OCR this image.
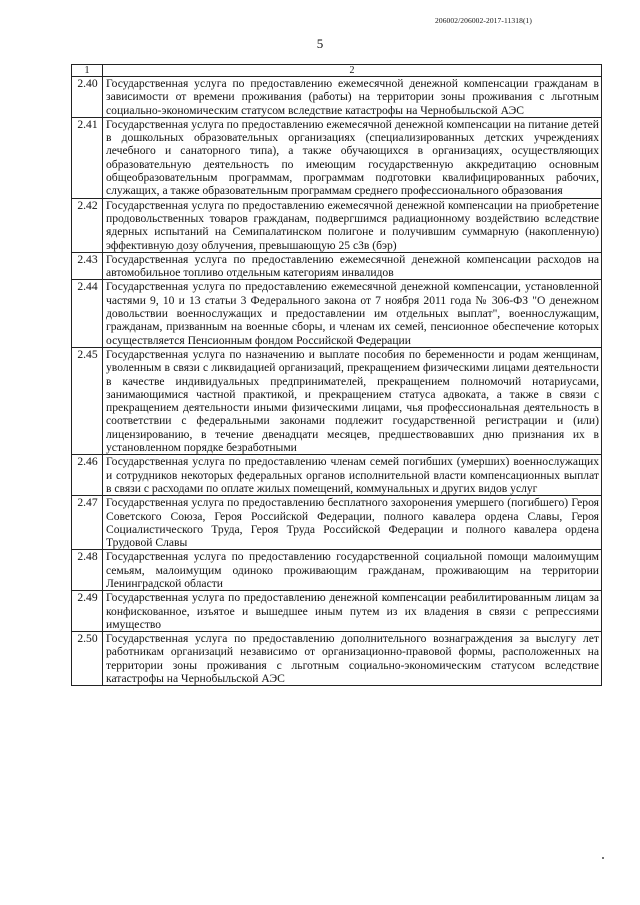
206002/206002-2017-11318(1)
5
1	2
2.40	Государственная услуга по предоставлению ежемесячной денежной компенсации гражданам в зависимости от времени проживания (работы) на территории зоны проживания с льготным социально-экономическим статусом вследствие катастрофы на Чернобыльской АЭС
2.41	Государственная услуга по предоставлению ежемесячной денежной компенсации на питание детей в дошкольных образовательных организациях (специализированных детских учреждениях лечебного и санаторного типа), а также обучающихся в организациях, осуществляющих образовательную деятельность по имеющим государственную аккредитацию основным общеобразовательным программам, программам подготовки квалифицированных рабочих, служащих, а также образовательным программам среднего профессионального образования
2.42	Государственная услуга по предоставлению ежемесячной денежной компенсации на приобретение продовольственных товаров гражданам, подвергшимся радиационному воздействию вследствие ядерных испытаний на Семипалатинском полигоне и получившим суммарную (накопленную) эффективную дозу облучения, превышающую 25 сЗв (бэр)
2.43	Государственная услуга по предоставлению ежемесячной денежной компенсации расходов на автомобильное топливо отдельным категориям инвалидов
2.44	Государственная услуга по предоставлению ежемесячной денежной компенсации, установленной частями 9, 10 и 13 статьи 3 Федерального закона от 7 ноября 2011 года № 306-ФЗ "О денежном довольствии военнослужащих и предоставлении им отдельных выплат", военнослужащим, гражданам, призванным на военные сборы, и членам их семей, пенсионное обеспечение которых осуществляется Пенсионным фондом Российской Федерации
2.45	Государственная услуга по назначению и выплате пособия по беременности и родам женщинам, уволенным в связи с ликвидацией организаций, прекращением физическими лицами деятельности в качестве индивидуальных предпринимателей, прекращением полномочий нотариусами, занимающимися частной практикой, и прекращением статуса адвоката, а также в связи с прекращением деятельности иными физическими лицами, чья профессиональная деятельность в соответствии с федеральными законами подлежит государственной регистрации и (или) лицензированию, в течение двенадцати месяцев, предшествовавших дню признания их в установленном порядке безработными
2.46	Государственная услуга по предоставлению членам семей погибших (умерших) военнослужащих и сотрудников некоторых федеральных органов исполнительной власти компенсационных выплат в связи с расходами по оплате жилых помещений, коммунальных и других видов услуг
2.47	Государственная услуга по предоставлению бесплатного захоронения умершего (погибшего) Героя Советского Союза, Героя Российской Федерации, полного кавалера ордена Славы, Героя Социалистического Труда, Героя Труда Российской Федерации и полного кавалера ордена Трудовой Славы
2.48	Государственная услуга по предоставлению государственной социальной помощи малоимущим семьям, малоимущим одиноко проживающим гражданам, проживающим на территории Ленинградской области
2.49	Государственная услуга по предоставлению денежной компенсации реабилитированным лицам за конфискованное, изъятое и вышедшее иным путем из их владения в связи с репрессиями имущество
2.50	Государственная услуга по предоставлению дополнительного вознаграждения за выслугу лет работникам организаций независимо от организационно-правовой формы, расположенных на территории зоны проживания с льготным социально-экономическим статусом вследствие катастрофы на Чернобыльской АЭС
